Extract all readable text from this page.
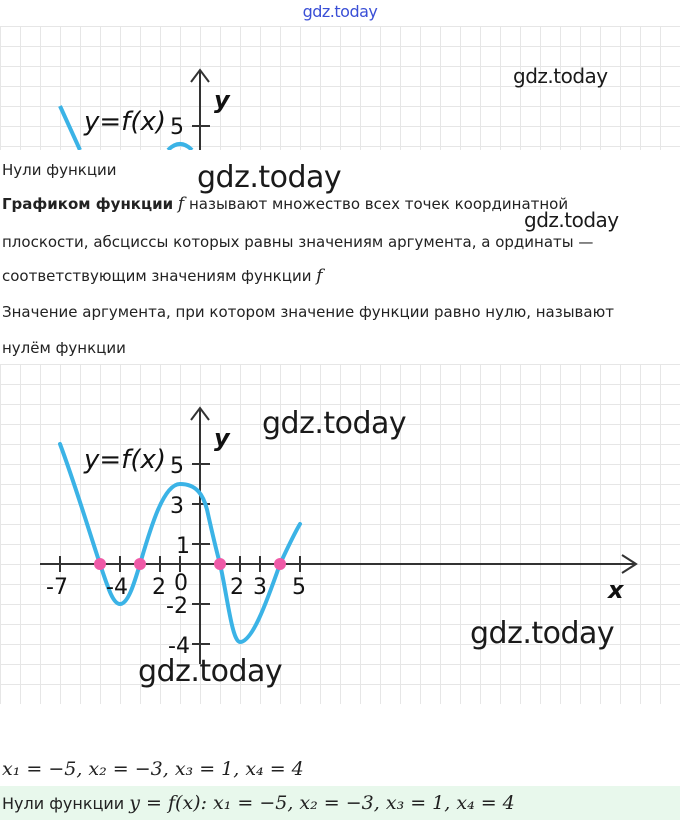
gdz.today
y=f(x)
y
5
gdz.today
Нули функции	gdz.today
Графиком функции f называют множество всех точек координатной
gdz.today
плоскости, абсциссы которых равны значениям аргумента, а ординаты —
соответствующим значениям функции f
Значение аргумента, при котором значение функции равно нулю, называют
нулём функции
y=f(x)
y
x
5
3
1
-2
-4
-7 -4 2 0 2 3 5
gdz.today
gdz.today
gdz.today
x₁ = −5, x₂ = −3, x₃ = 1, x₄ = 4
Нули функции y = f(x): x₁ = −5, x₂ = −3, x₃ = 1, x₄ = 4
